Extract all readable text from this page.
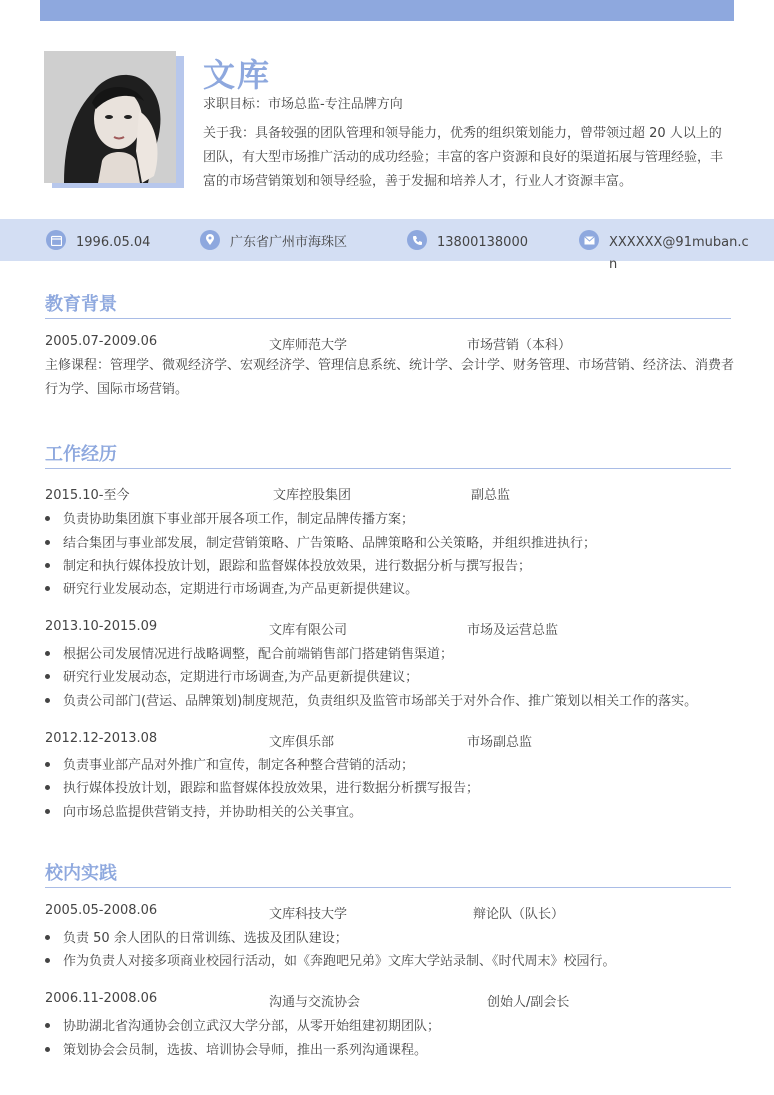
文库
求职目标：市场总监-专注品牌方向
关于我：具备较强的团队管理和领导能力，优秀的组织策划能力，曾带领过超 20 人以上的团队，有大型市场推广活动的成功经验；丰富的客户资源和良好的渠道拓展与管理经验，丰富的市场营销策划和领导经验，善于发掘和培养人才，行业人才资源丰富。
1996.05.04	广东省广州市海珠区	13800138000	XXXXXX@91muban.c
n
教育背景
2005.07-2009.06	文库师范大学	市场营销（本科）
主修课程：管理学、微观经济学、宏观经济学、管理信息系统、统计学、会计学、财务管理、市场营销、经济法、消费者行为学、国际市场营销。
工作经历
2015.10-至今	文库控股集团	副总监
负责协助集团旗下事业部开展各项工作，制定品牌传播方案；
结合集团与事业部发展，制定营销策略、广告策略、品牌策略和公关策略，并组织推进执行；
制定和执行媒体投放计划，跟踪和监督媒体投放效果，进行数据分析与撰写报告；
研究行业发展动态，定期进行市场调查,为产品更新提供建议。
2013.10-2015.09	文库有限公司	市场及运营总监
根据公司发展情况进行战略调整，配合前端销售部门搭建销售渠道；
研究行业发展动态，定期进行市场调查,为产品更新提供建议；
负责公司部门(营运、品牌策划)制度规范，负责组织及监管市场部关于对外合作、推广策划以相关工作的落实。
2012.12-2013.08	文库俱乐部	市场副总监
负责事业部产品对外推广和宣传，制定各种整合营销的活动；
执行媒体投放计划，跟踪和监督媒体投放效果，进行数据分析撰写报告；
向市场总监提供营销支持，并协助相关的公关事宜。
校内实践
2005.05-2008.06	文库科技大学	辩论队（队长）
负责 50 余人团队的日常训练、选拔及团队建设；
作为负责人对接多项商业校园行活动，如《奔跑吧兄弟》文库大学站录制、《时代周末》校园行。
2006.11-2008.06	沟通与交流协会	创始人/副会长
协助湖北省沟通协会创立武汉大学分部，从零开始组建初期团队；
策划协会会员制，选拔、培训协会导师，推出一系列沟通课程。
